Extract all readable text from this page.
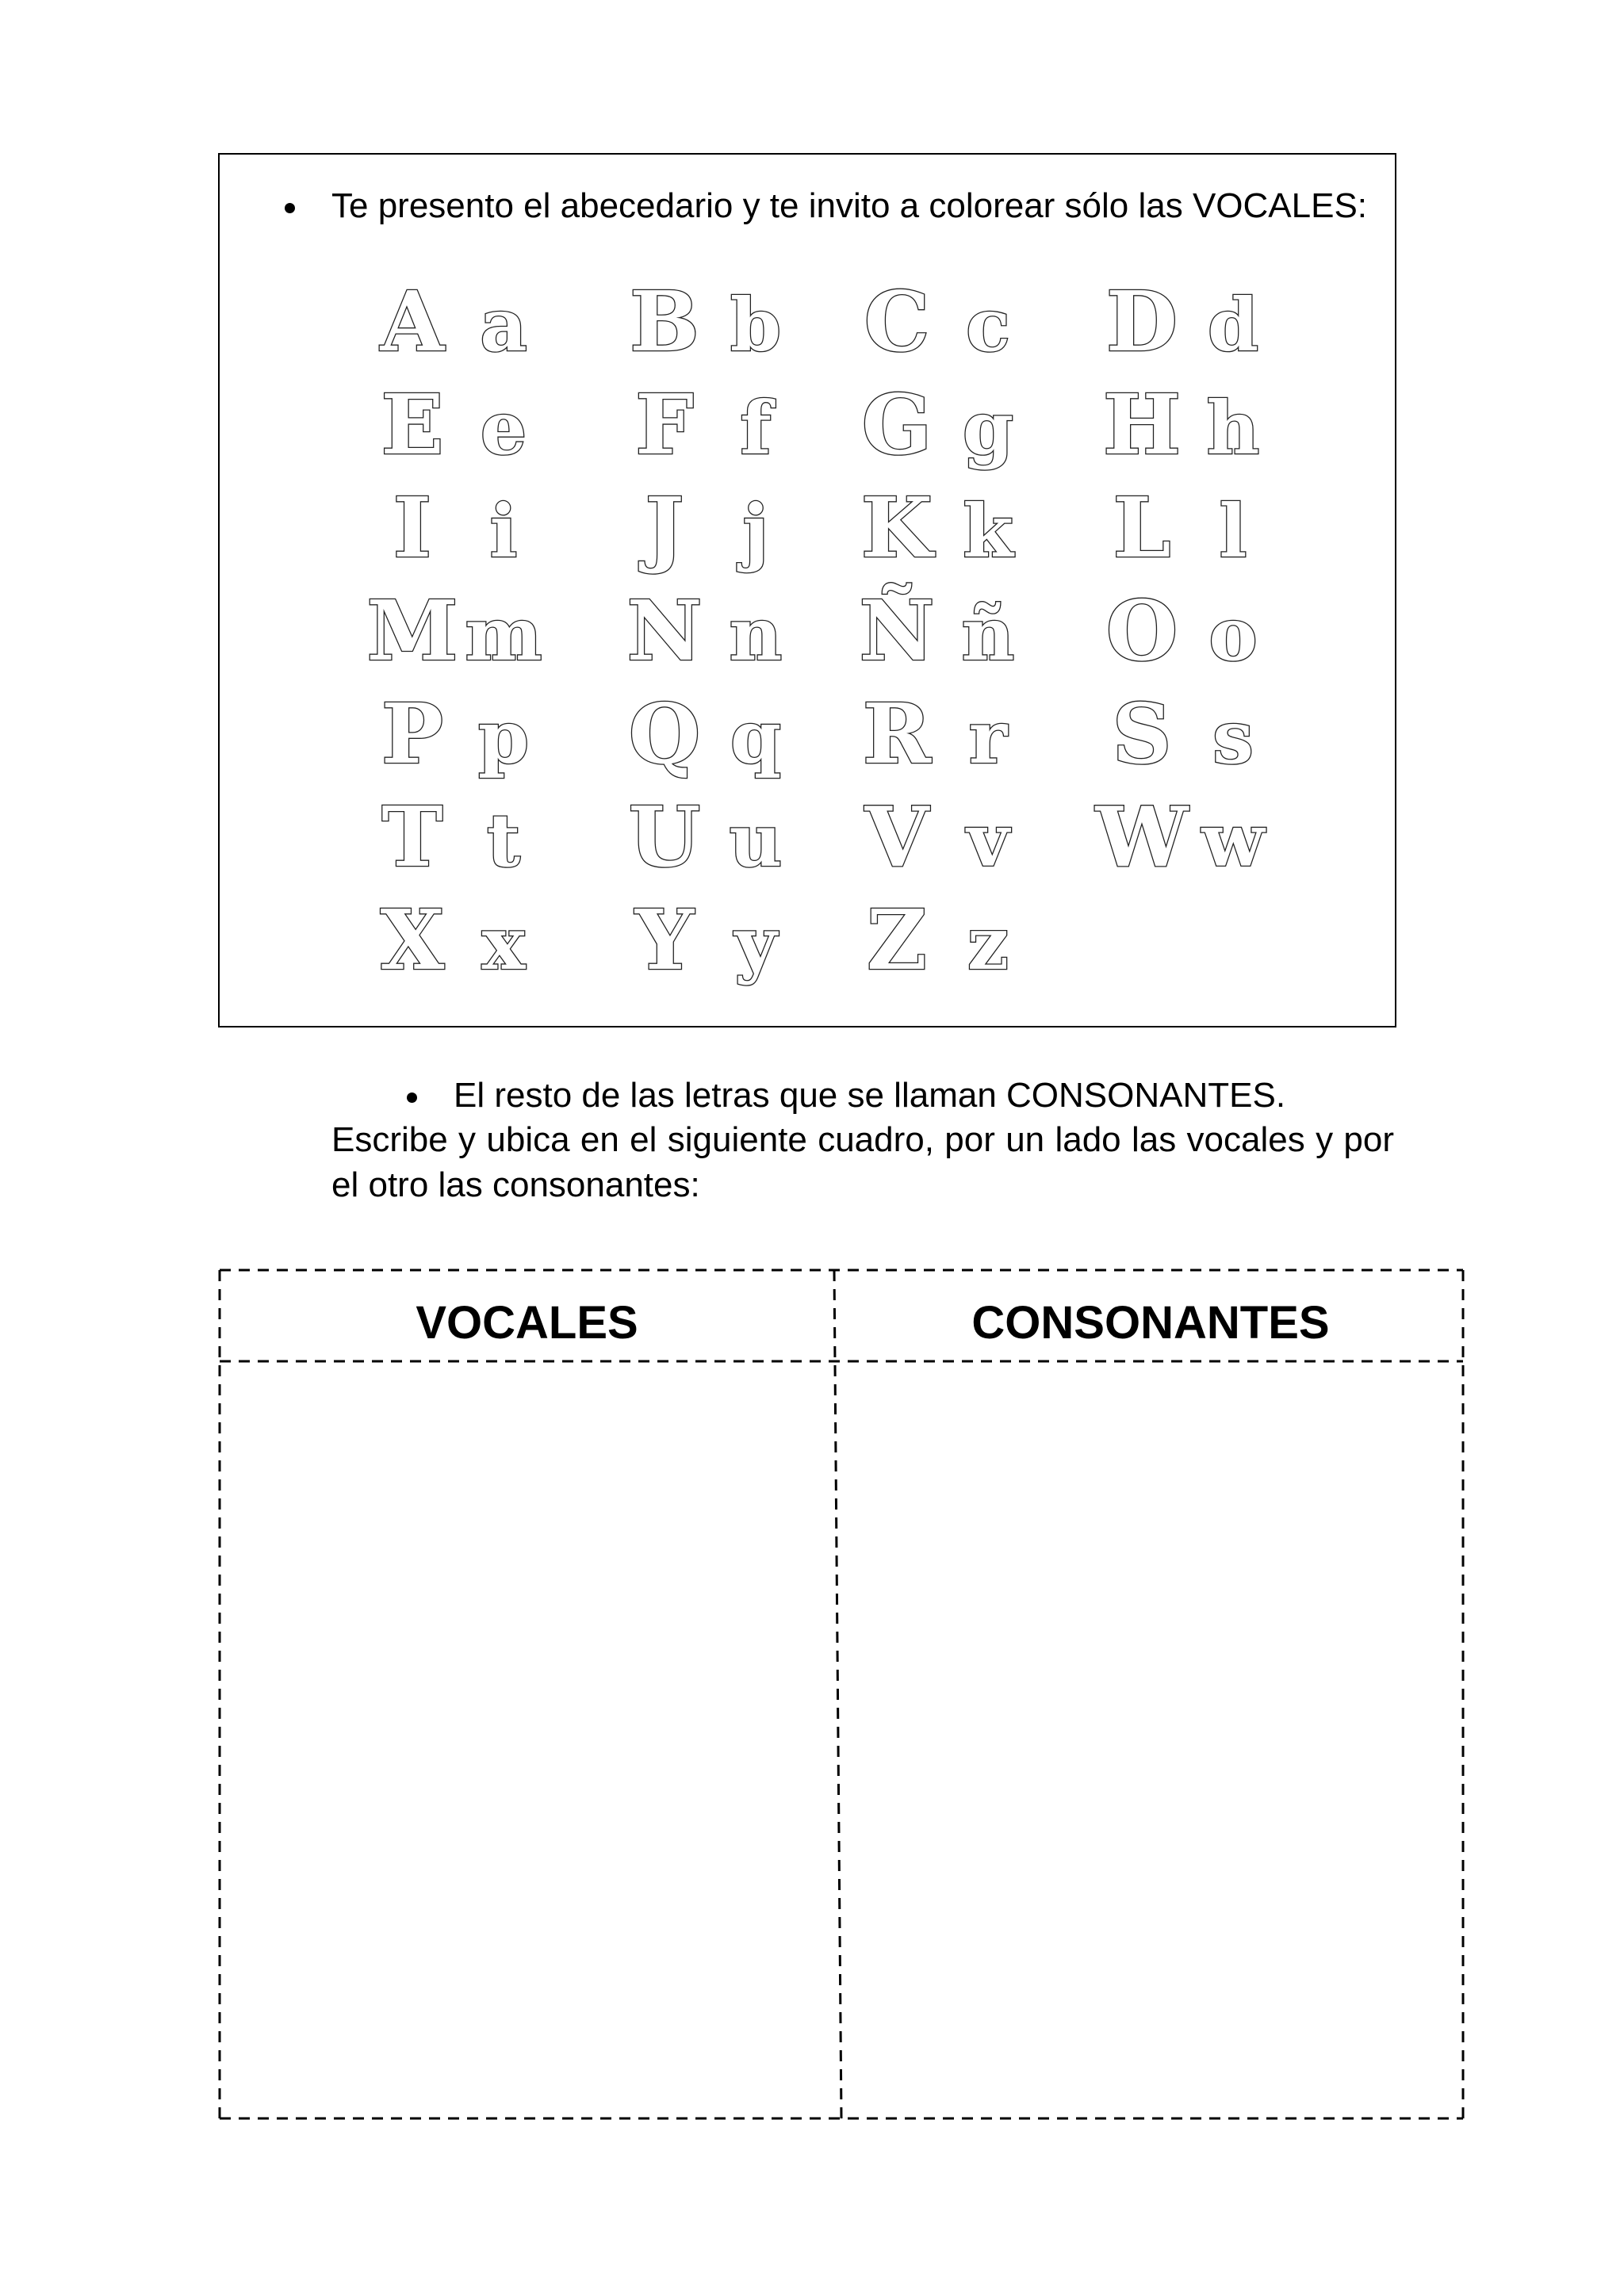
Te presento el abecedario y te invito a colorear sólo las VOCALES:
A a B b C c D d
E e F f G g H h
I i J j K k L l
M m N n Ñ ñ O o
P p Q q R r S s
T t U u V v W w
X x Y y Z z
El resto de las letras que se llaman CONSONANTES.
Escribe y ubica en el siguiente cuadro, por un lado las vocales y por
el otro las consonantes:
VOCALES	CONSONANTES
